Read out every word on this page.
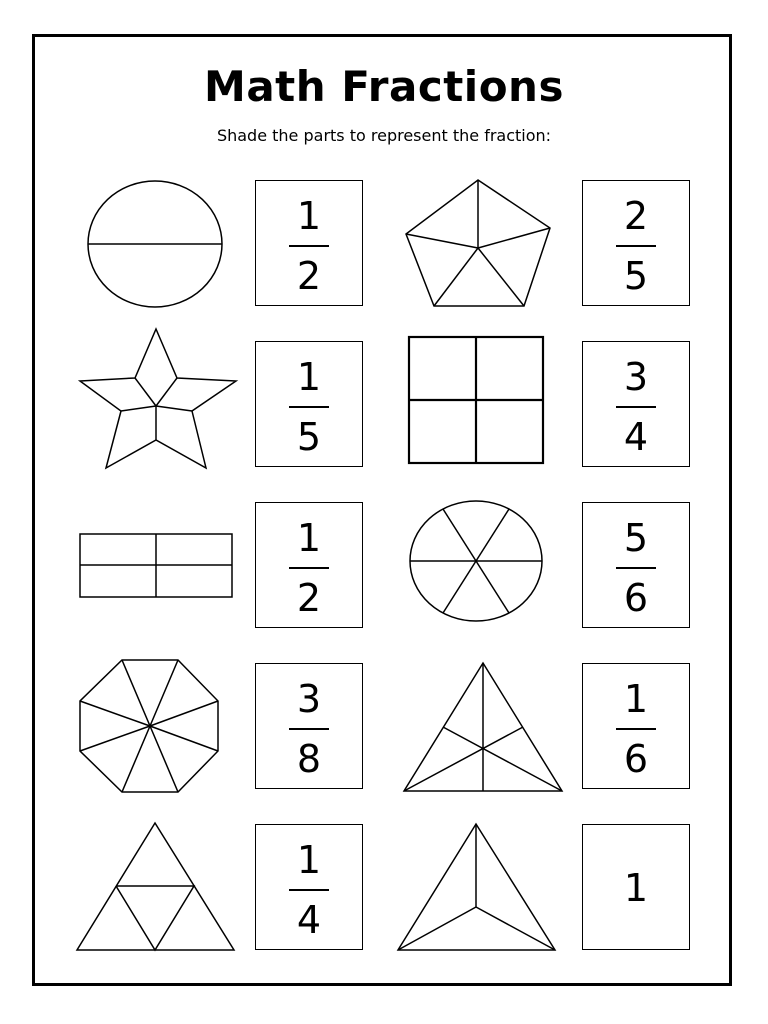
Math Fractions

Shade the parts to represent the fraction:

1
2
2
5
1
5
3
4
1
2
5
6
3
8
1
6
1
4
1
